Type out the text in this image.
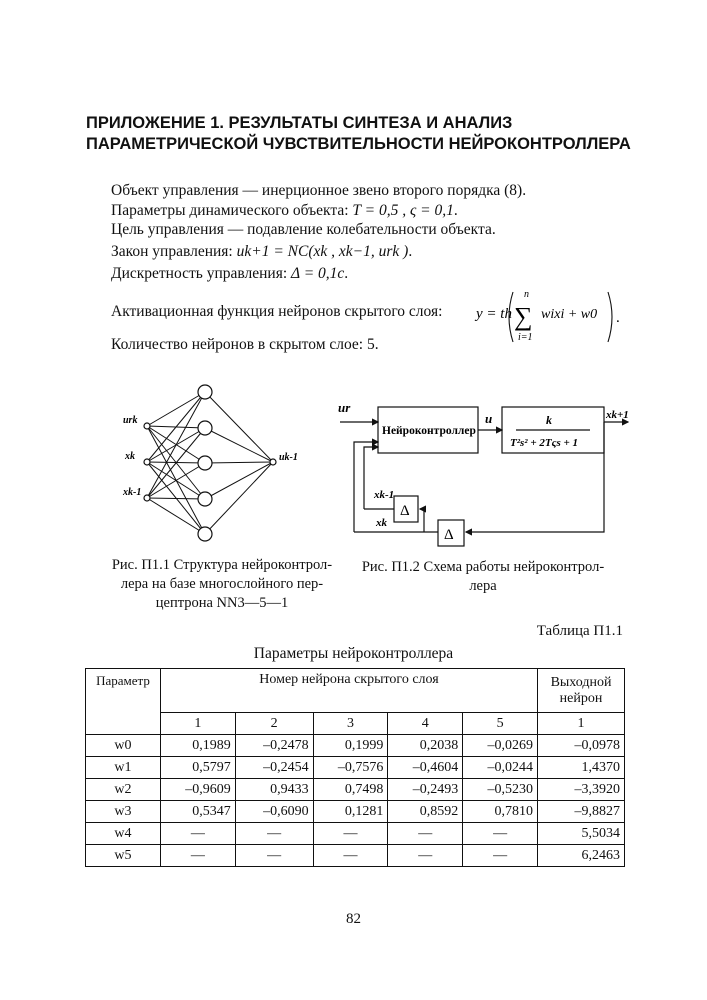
ПРИЛОЖЕНИЕ 1. РЕЗУЛЬТАТЫ СИНТЕЗА И АНАЛИЗ ПАРАМЕТРИЧЕСКОЙ ЧУВСТВИТЕЛЬНОСТИ НЕЙРОКОНТРОЛЛЕРА
Объект управления — инерционное звено второго порядка (8).
Параметры динамического объекта: T = 0,5 , ς = 0,1.
Цель управления — подавление колебательности объекта.
Закон управления: uk+1 = NC(xk , xk−1, urk ).
Дискретность управления: Δ = 0,1с.
Активационная функция нейронов скрытого слоя: y = th
n
∑
i=1
wixi + w0 .
Количество нейронов в скрытом слое: 5.
urk
xk
xk-1
uk-1
Рис. П1.1 Структура нейроконтрол-
лера на базе многослойного пер-
цептрона NN3—5—1
ur
u	xk+1
k
T²s² + 2Tςs + 1
xk-1
xk
Нейроконтроллер
Δ
Δ
Рис. П1.2 Схема работы нейроконтрол-
лера
Таблица П1.1
Параметры нейроконтроллера
Параметр	Номер нейрона скрытого слоя					Выходной нейрон
	1	2	3	4	5	1
w0	0,1989	–0,2478	0,1999	0,2038	–0,0269	–0,0978
w1	0,5797	–0,2454	–0,7576	–0,4604	–0,0244	1,4370
w2	–0,9609	0,9433	0,7498	–0,2493	–0,5230	–3,3920
w3	0,5347	–0,6090	0,1281	0,8592	0,7810	–9,8827
w4	—	—	—	—	—	5,5034
w5	—	—	—	—	—	6,2463
82
